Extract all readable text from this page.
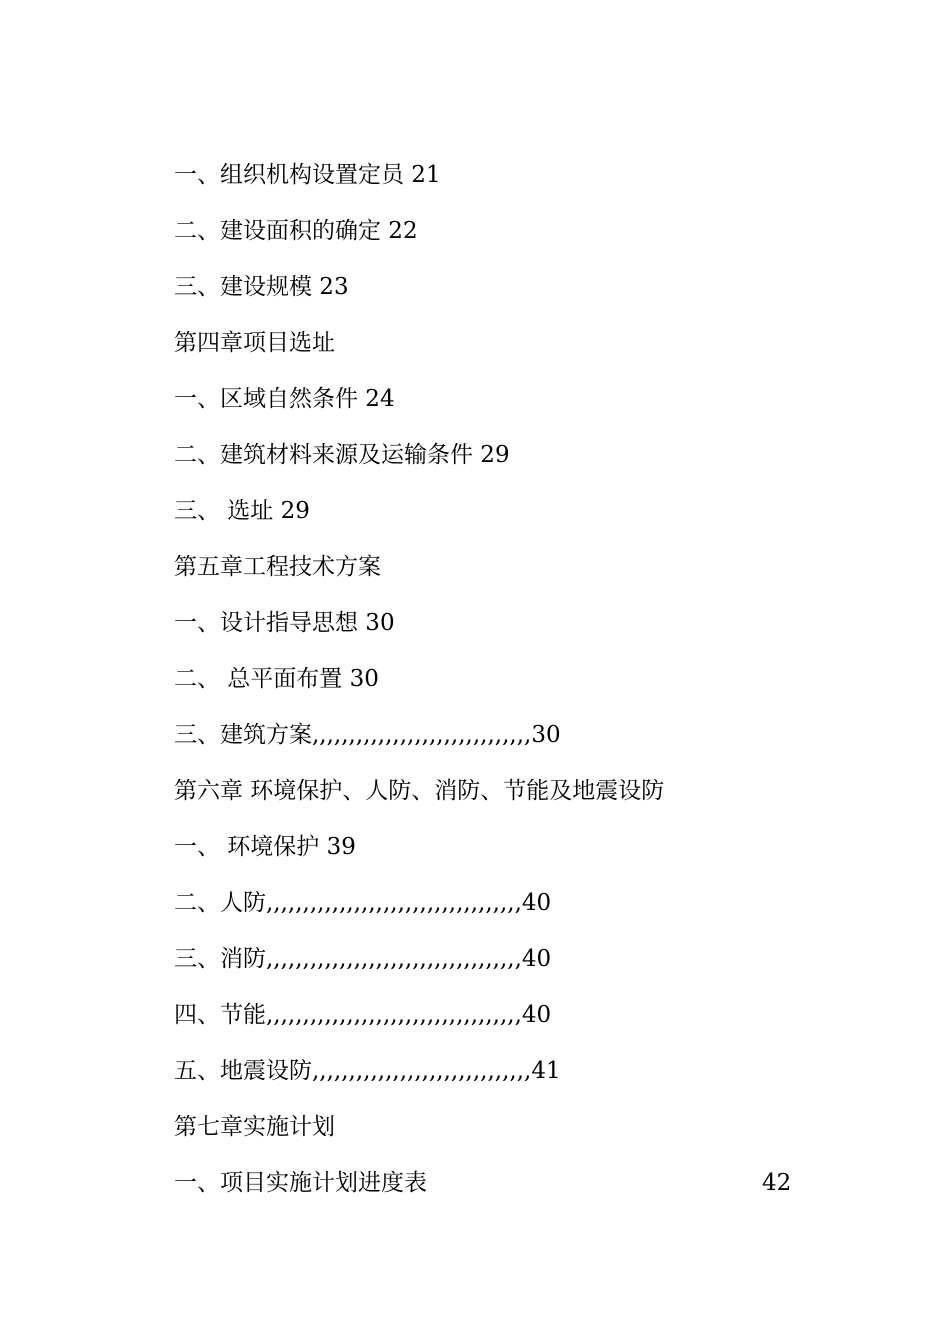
一、组织机构设置定员 21
二、建设面积的确定 22
三、建设规模 23
第四章项目选址
一、区域自然条件 24
二、建筑材料来源及运输条件 29
三、 选址 29
第五章工程技术方案
一、设计指导思想 30
二、 总平面布置 30
三、建筑方案,,,,,,,,,,,,,,,,,,,,,,,,,,,,,,30
第六章 环境保护、人防、消防、节能及地震设防
一、 环境保护 39
二、人防,,,,,,,,,,,,,,,,,,,,,,,,,,,,,,,,,,,40
三、消防,,,,,,,,,,,,,,,,,,,,,,,,,,,,,,,,,,,40
四、节能,,,,,,,,,,,,,,,,,,,,,,,,,,,,,,,,,,,40
五、地震设防,,,,,,,,,,,,,,,,,,,,,,,,,,,,,,41
第七章实施计划
一、项目实施计划进度表	42
